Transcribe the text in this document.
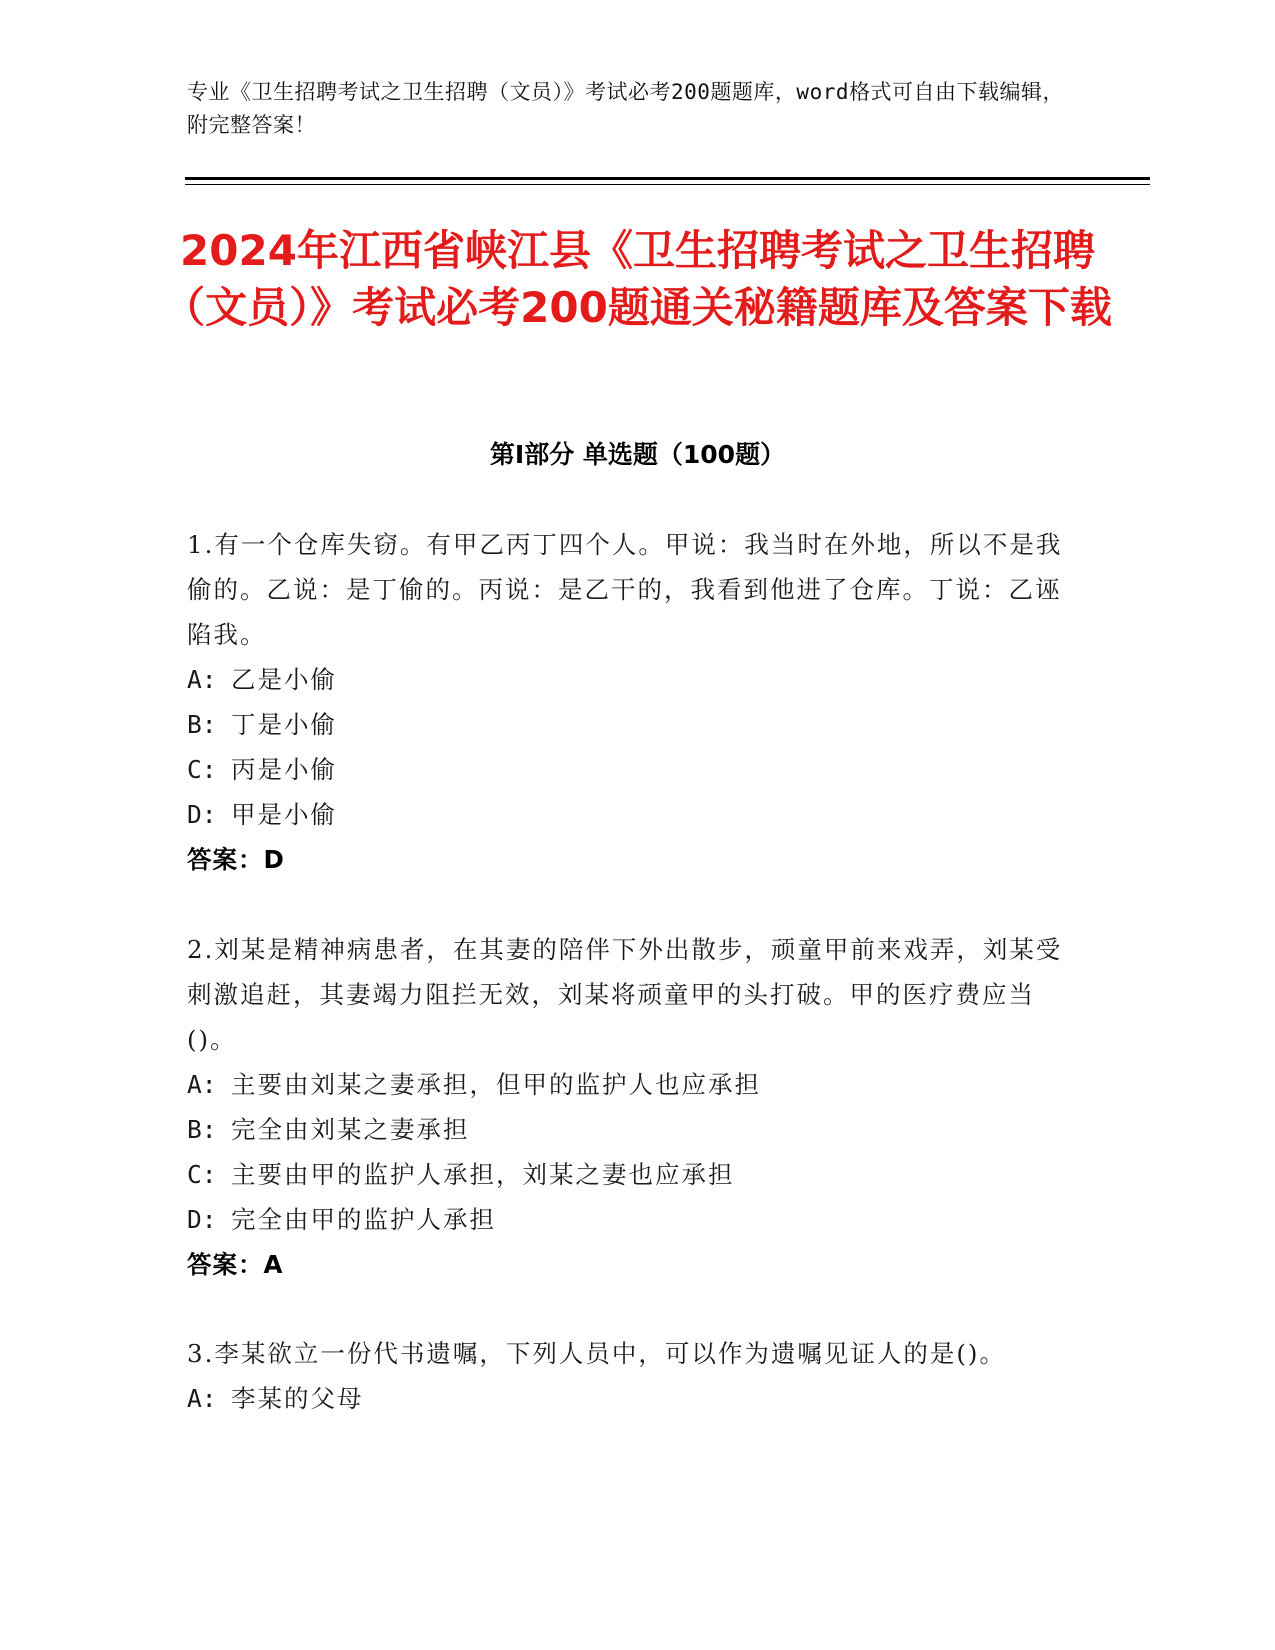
专业《卫生招聘考试之卫生招聘（文员）》考试必考200题题库，word格式可自由下载编辑，附完整答案！
2024年江西省峡江县《卫生招聘考试之卫生招聘（文员）》考试必考200题通关秘籍题库及答案下载
第Ⅰ部分 单选题（100题）
1.有一个仓库失窃。有甲乙丙丁四个人。甲说：我当时在外地，所以不是我偷的。乙说：是丁偷的。丙说：是乙干的，我看到他进了仓库。丁说：乙诬陷我。
A: 乙是小偷
B: 丁是小偷
C: 丙是小偷
D: 甲是小偷
答案：D
2.刘某是精神病患者，在其妻的陪伴下外出散步，顽童甲前来戏弄，刘某受刺激追赶，其妻竭力阻拦无效，刘某将顽童甲的头打破。甲的医疗费应当()。
A: 主要由刘某之妻承担，但甲的监护人也应承担
B: 完全由刘某之妻承担
C: 主要由甲的监护人承担，刘某之妻也应承担
D: 完全由甲的监护人承担
答案：A
3.李某欲立一份代书遗嘱，下列人员中，可以作为遗嘱见证人的是()。
A: 李某的父母
